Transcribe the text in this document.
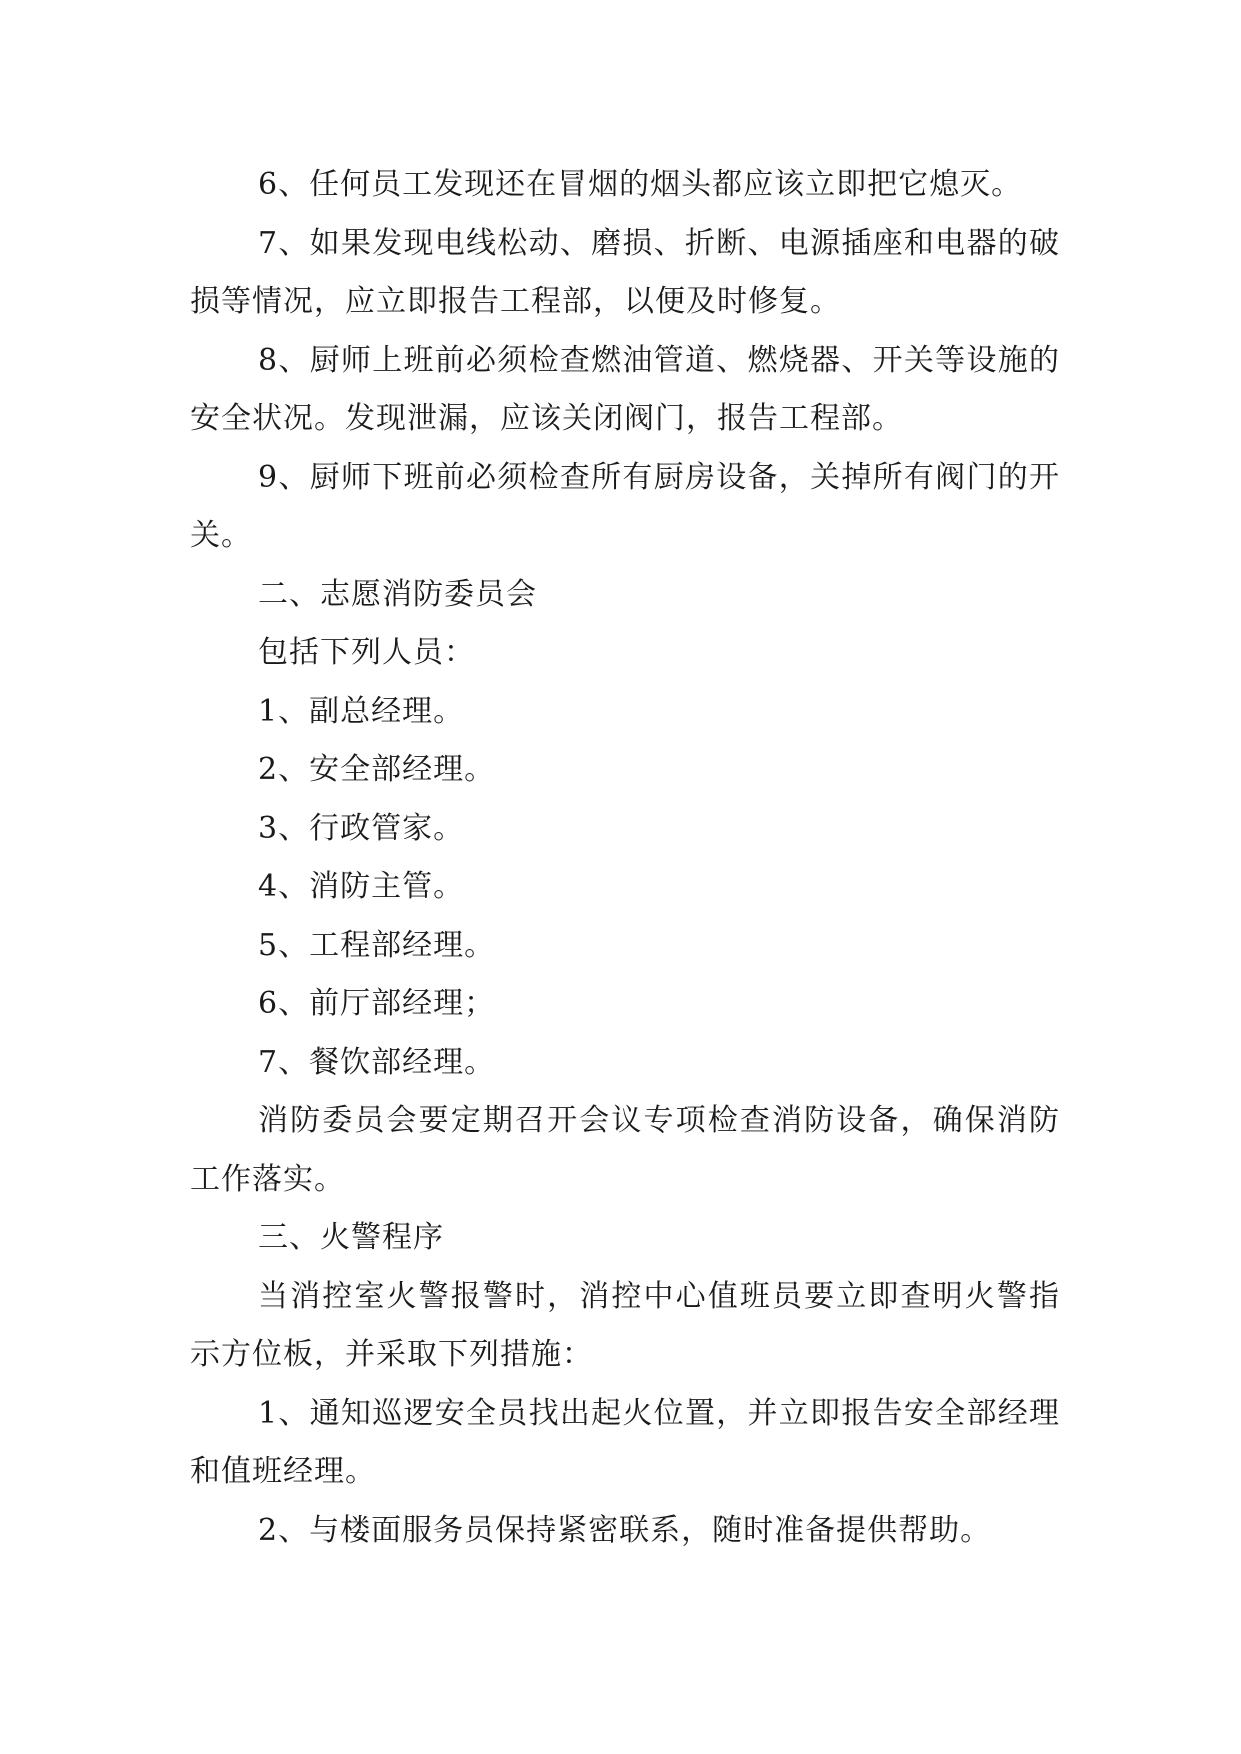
6、任何员工发现还在冒烟的烟头都应该立即把它熄灭。

7、如果发现电线松动、磨损、折断、电源插座和电器的破损等情况，应立即报告工程部，以便及时修复。

8、厨师上班前必须检查燃油管道、燃烧器、开关等设施的安全状况。发现泄漏，应该关闭阀门，报告工程部。

9、厨师下班前必须检查所有厨房设备，关掉所有阀门的开关。

二、志愿消防委员会

包括下列人员：

1、副总经理。

2、安全部经理。

3、行政管家。

4、消防主管。

5、工程部经理。

6、前厅部经理；

7、餐饮部经理。

消防委员会要定期召开会议专项检查消防设备，确保消防工作落实。

三、火警程序

当消控室火警报警时，消控中心值班员要立即查明火警指示方位板，并采取下列措施：

1、通知巡逻安全员找出起火位置，并立即报告安全部经理和值班经理。

2、与楼面服务员保持紧密联系，随时准备提供帮助。
